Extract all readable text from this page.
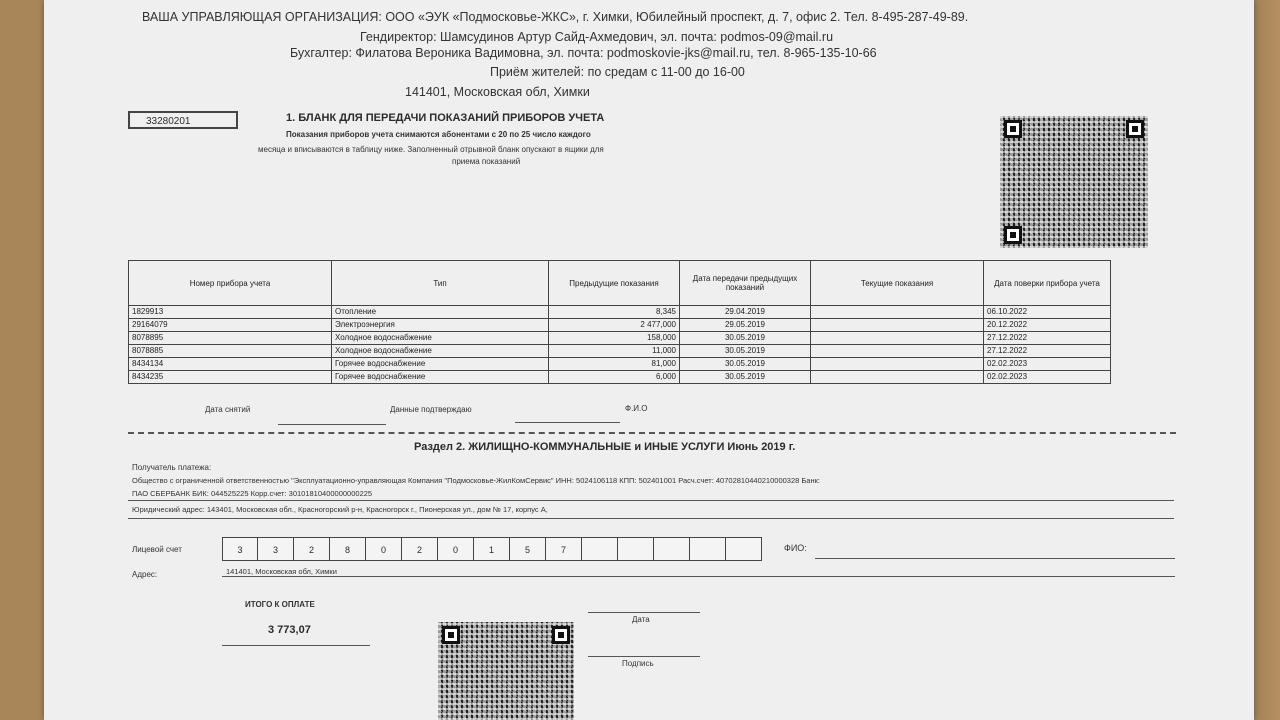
ВАША УПРАВЛЯЮЩАЯ ОРГАНИЗАЦИЯ: ООО «ЭУК «Подмосковье-ЖКС», г. Химки, Юбилейный проспект, д. 7, офис 2. Тел. 8-495-287-49-89.
Гендиректор: Шамсудинов Артур Сайд-Ахмедович, эл. почта: podmos-09@mail.ru
Бухгалтер: Филатова Вероника Вадимовна, эл. почта: podmoskovie-jks@mail.ru, тел. 8-965-135-10-66
Приём жителей: по средам с 11-00 до 16-00
141401, Московская обл, Химки
33280201	1. БЛАНК ДЛЯ ПЕРЕДАЧИ ПОКАЗАНИЙ ПРИБОРОВ УЧЕТА
Показания приборов учета снимаются абонентами с 20 по 25 число каждого
месяца и вписываются в таблицу ниже. Заполненный отрывной бланк опускают в ящики для
приема показаний
Номер прибора учета	Тип	Предыдущие показания	Дата передачи предыдущих показаний	Текущие показания	Дата поверки прибора учета
1829913	Отопление	8,345	29.04.2019		06.10.2022
29164079	Электроэнергия	2 477,000	29.05.2019		20.12.2022
8078895	Холодное водоснабжение	158,000	30.05.2019		27.12.2022
8078885	Холодное водоснабжение	11,000	30.05.2019		27.12.2022
8434134	Горячее водоснабжение	81,000	30.05.2019		02.02.2023
8434235	Горячее водоснабжение	6,000	30.05.2019		02.02.2023
Дата снятий	Данные подтверждаю	Ф.И.О
Раздел 2. ЖИЛИЩНО-КОММУНАЛЬНЫЕ и ИНЫЕ УСЛУГИ Июнь 2019 г.
Получатель платежа:
Общество с ограниченной ответственностью "Эксплуатационно-управляющая Компания "Подмосковье-ЖилКомСервис" ИНН: 5024106118 КПП: 502401001 Расч.счет: 40702810440210000328 Банк:
ПАО СБЕРБАНК БИК: 044525225 Корр.счет: 30101810400000000225
Юридический адрес: 143401, Московская обл., Красногорский р-н, Красногорск г., Пионерская ул., дом № 17, корпус А,
Лицевой счет	3	3	2	8	0	2	0	1	5	7	ФИО:
Адрес:	141401, Московская обл, Химки
ИТОГО К ОПЛАТЕ
3 773,07
Дата
Подпись
